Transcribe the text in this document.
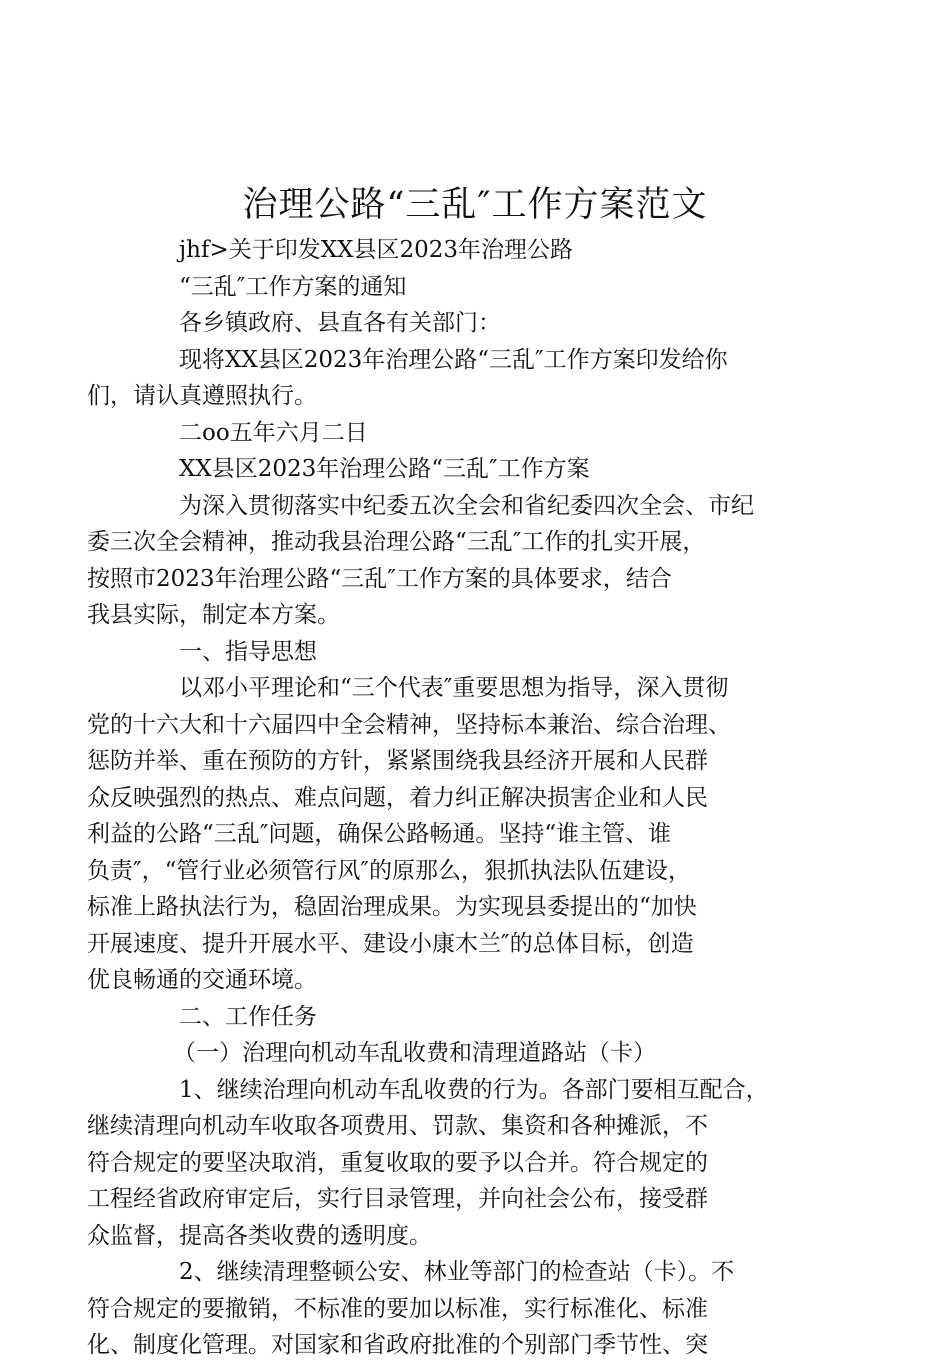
治理公路“三乱″工作方案范文
jhf>关于印发XX县区2023年治理公路
“三乱″工作方案的通知
各乡镇政府、县直各有关部门：
现将XX县区2023年治理公路“三乱″工作方案印发给你
们，请认真遵照执行。
二oo五年六月二日
XX县区2023年治理公路“三乱″工作方案
为深入贯彻落实中纪委五次全会和省纪委四次全会、市纪
委三次全会精神，推动我县治理公路“三乱″工作的扎实开展，
按照市2023年治理公路“三乱″工作方案的具体要求，结合
我县实际，制定本方案。
一、指导思想
以邓小平理论和“三个代表″重要思想为指导，深入贯彻
党的十六大和十六届四中全会精神，坚持标本兼治、综合治理、
惩防并举、重在预防的方针，紧紧围绕我县经济开展和人民群
众反映强烈的热点、难点问题，着力纠正解决损害企业和人民
利益的公路“三乱″问题，确保公路畅通。坚持“谁主管、谁
负责″，“管行业必须管行风″的原那么，狠抓执法队伍建设，
标准上路执法行为，稳固治理成果。为实现县委提出的“加快
开展速度、提升开展水平、建设小康木兰″的总体目标，创造
优良畅通的交通环境。
二、工作任务
（一）治理向机动车乱收费和清理道路站（卡）
1、继续治理向机动车乱收费的行为。各部门要相互配合，
继续清理向机动车收取各项费用、罚款、集资和各种摊派，不
符合规定的要坚决取消，重复收取的要予以合并。符合规定的
工程经省政府审定后，实行目录管理，并向社会公布，接受群
众监督，提高各类收费的透明度。
2、继续清理整顿公安、林业等部门的检查站（卡）。不
符合规定的要撤销，不标准的要加以标准，实行标准化、标准
化、制度化管理。对国家和省政府批准的个别部门季节性、突
